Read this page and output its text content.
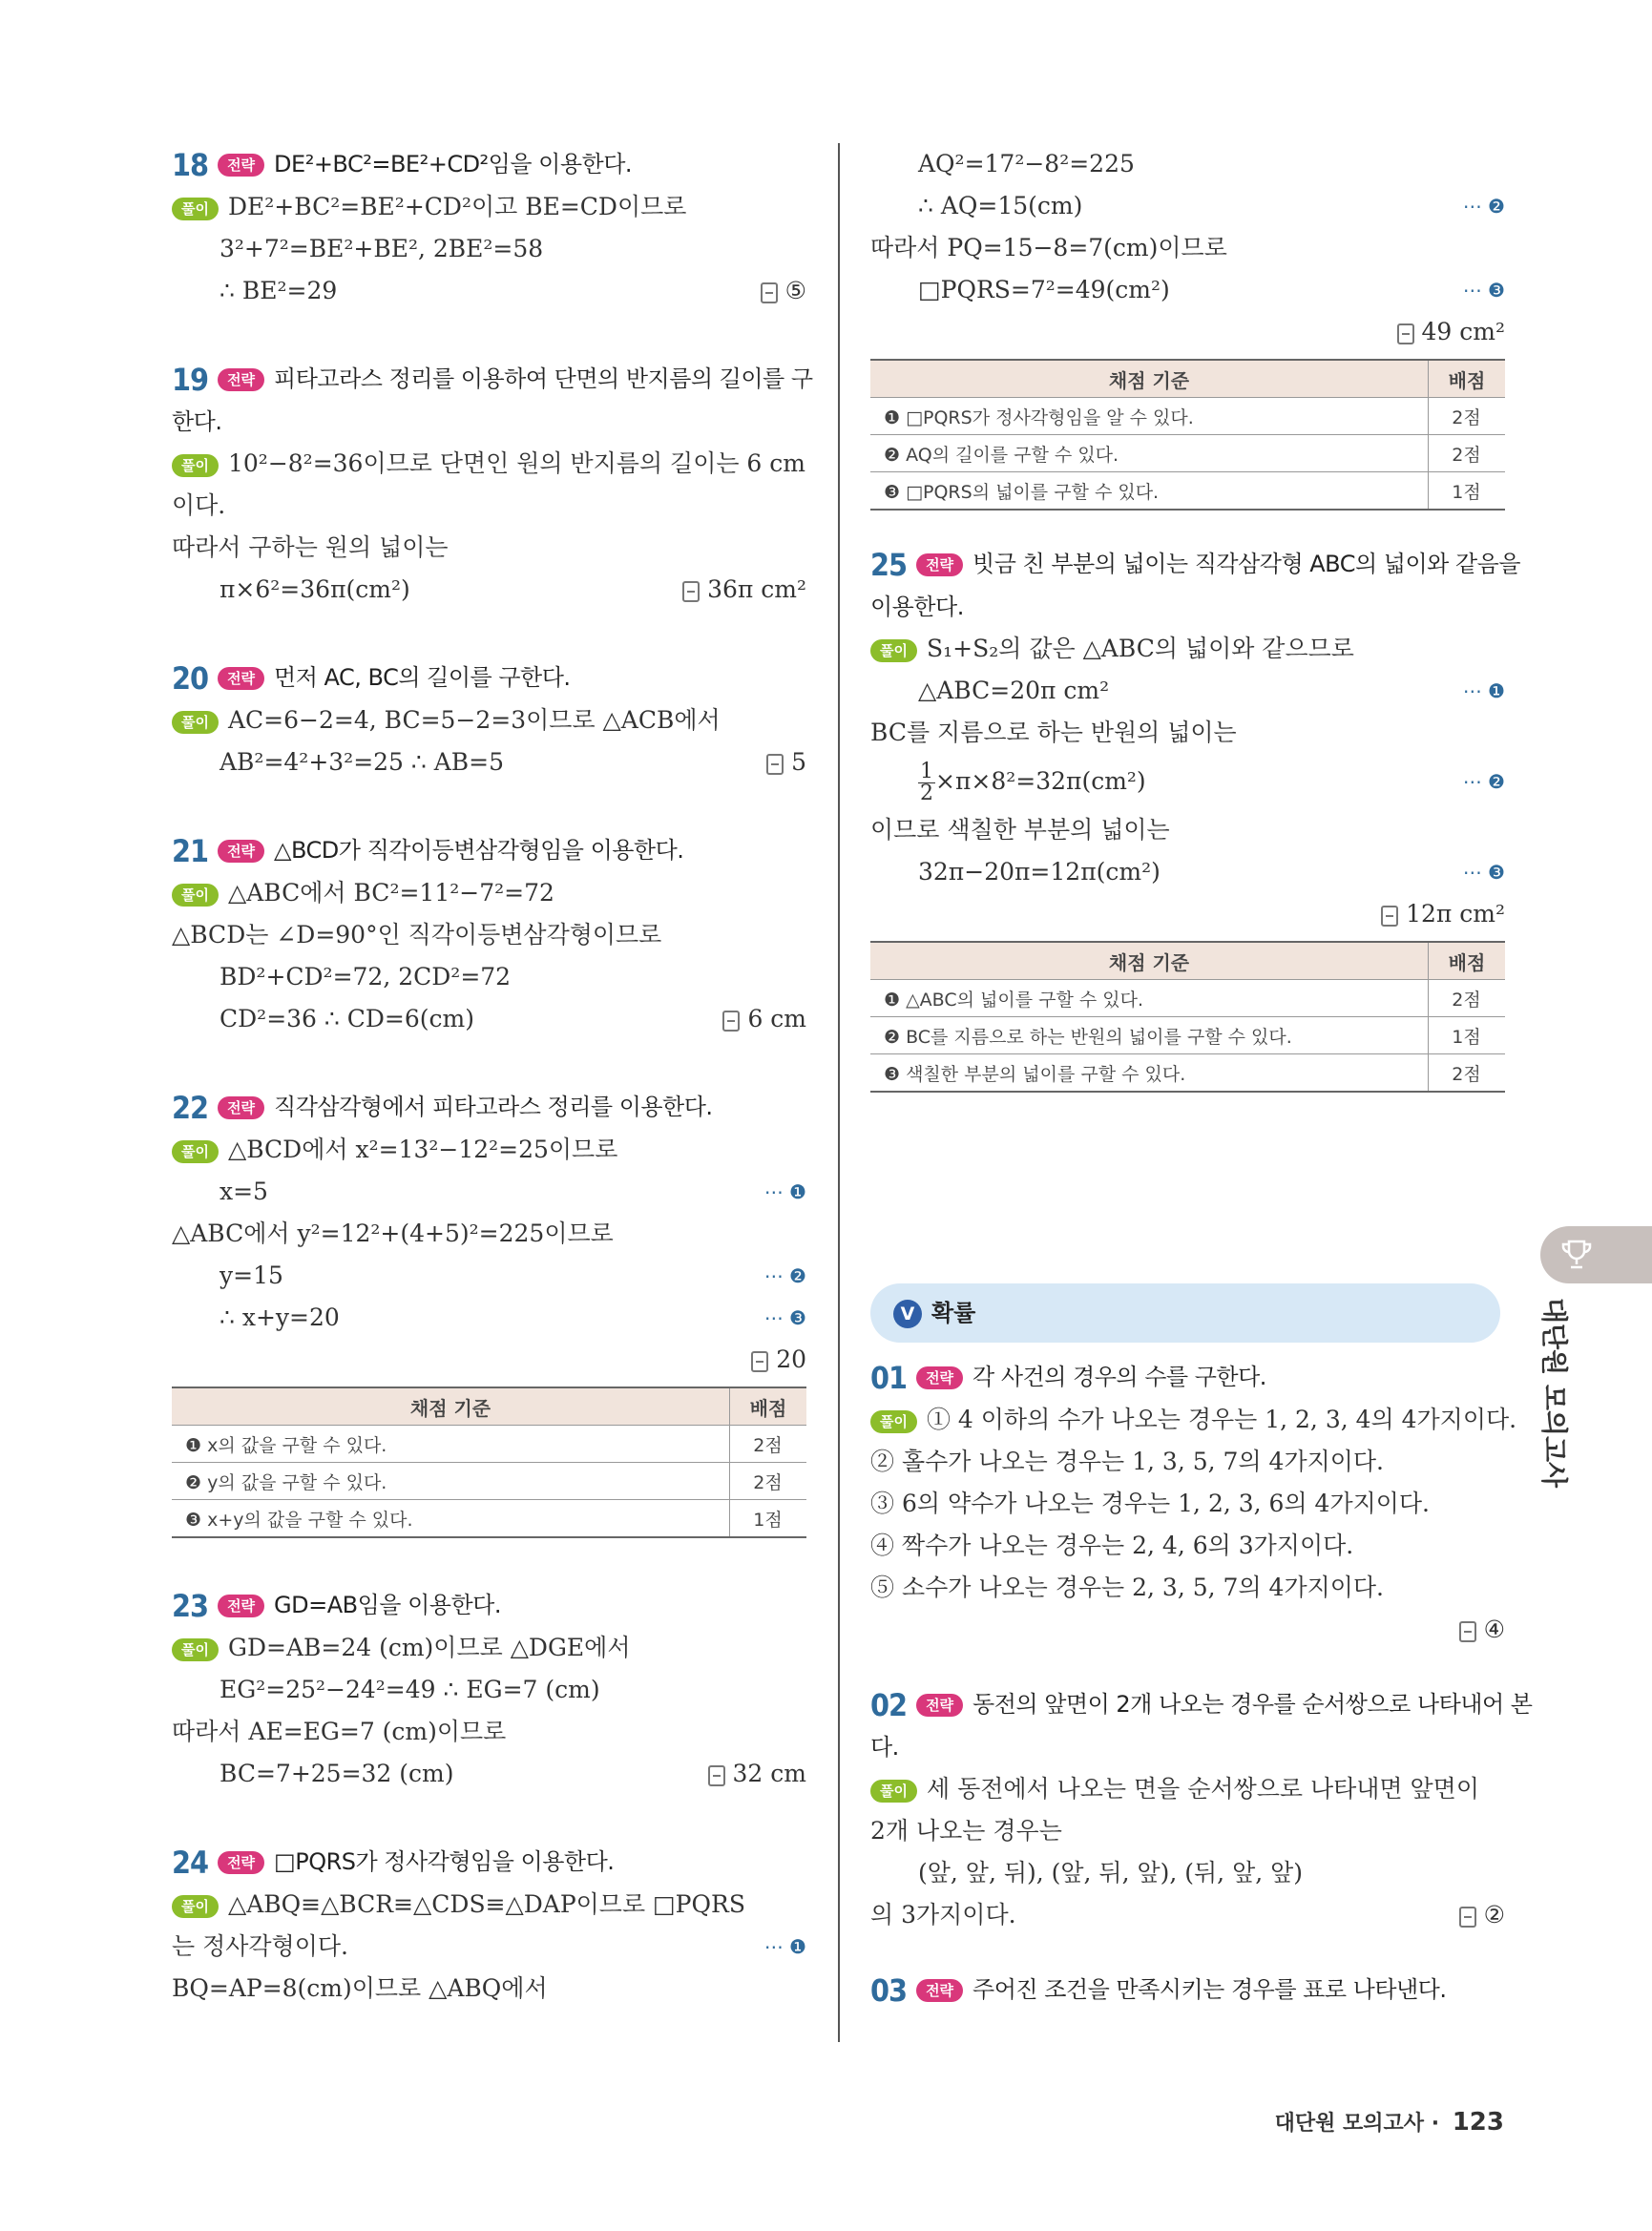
18 전략 DE²+BC²=BE²+CD²임을 이용한다.
풀이 DE²+BC²=BE²+CD²이고 BE=CD이므로
3²+7²=BE²+BE², 2BE²=58
∴ BE²=29	⑤
19 전략 피타고라스 정리를 이용하여 단면의 반지름의 길이를 구
한다.
풀이 10²−8²=36이므로 단면인 원의 반지름의 길이는 6 cm
이다.
따라서 구하는 원의 넓이는
π×6²=36π(cm²)	36π cm²
20 전략 먼저 AC, BC의 길이를 구한다.
풀이 AC=6−2=4, BC=5−2=3이므로 △ACB에서
AB²=4²+3²=25 ∴ AB=5	5
21 전략 △BCD가 직각이등변삼각형임을 이용한다.
풀이 △ABC에서 BC²=11²−7²=72
△BCD는 ∠D=90°인 직각이등변삼각형이므로
BD²+CD²=72, 2CD²=72
CD²=36 ∴ CD=6(cm)	6 cm
22 전략 직각삼각형에서 피타고라스 정리를 이용한다.
풀이 △BCD에서 x²=13²−12²=25이므로
x=5	⋯ ❶
△ABC에서 y²=12²+(4+5)²=225이므로
y=15	⋯ ❷
∴ x+y=20	⋯ ❸
20
채점 기준	배점
❶ x의 값을 구할 수 있다.	2점
❷ y의 값을 구할 수 있다.	2점
❸ x+y의 값을 구할 수 있다.	1점
23 전략 GD=AB임을 이용한다.
풀이 GD=AB=24 (cm)이므로 △DGE에서
EG²=25²−24²=49 ∴ EG=7 (cm)
따라서 AE=EG=7 (cm)이므로
BC=7+25=32 (cm)	32 cm
24 전략 □PQRS가 정사각형임을 이용한다.
풀이 △ABQ≡△BCR≡△CDS≡△DAP이므로 □PQRS
는 정사각형이다.	⋯ ❶
BQ=AP=8(cm)이므로 △ABQ에서
AQ²=17²−8²=225
∴ AQ=15(cm)	⋯ ❷
따라서 PQ=15−8=7(cm)이므로
□PQRS=7²=49(cm²)	⋯ ❸
49 cm²
채점 기준	배점
❶ □PQRS가 정사각형임을 알 수 있다.	2점
❷ AQ의 길이를 구할 수 있다.	2점
❸ □PQRS의 넓이를 구할 수 있다.	1점
25 전략 빗금 친 부분의 넓이는 직각삼각형 ABC의 넓이와 같음을
이용한다.
풀이 S₁+S₂의 값은 △ABC의 넓이와 같으므로
△ABC=20π cm²	⋯ ❶
BC를 지름으로 하는 반원의 넓이는
$\frac{1}{2} \times\pi\times 8^2=32\pi(cm^2)$	⋯ ❷
이므로 색칠한 부분의 넓이는
32π−20π=12π(cm²)	⋯ ❸
12π cm²
채점 기준	배점
❶ △ABC의 넓이를 구할 수 있다.	2점
❷ BC를 지름으로 하는 반원의 넓이를 구할 수 있다.	1점
❸ 색칠한 부분의 넓이를 구할 수 있다.	2점
V 확률
01 전략 각 사건의 경우의 수를 구한다.
풀이 ① 4 이하의 수가 나오는 경우는 1, 2, 3, 4의 4가지이다.
② 홀수가 나오는 경우는 1, 3, 5, 7의 4가지이다.
③ 6의 약수가 나오는 경우는 1, 2, 3, 6의 4가지이다.
④ 짝수가 나오는 경우는 2, 4, 6의 3가지이다.
⑤ 소수가 나오는 경우는 2, 3, 5, 7의 4가지이다.
④
02 전략 동전의 앞면이 2개 나오는 경우를 순서쌍으로 나타내어 본
다.
풀이 세 동전에서 나오는 면을 순서쌍으로 나타내면 앞면이
2개 나오는 경우는
(앞, 앞, 뒤), (앞, 뒤, 앞), (뒤, 앞, 앞)
의 3가지이다.	②
03 전략 주어진 조건을 만족시키는 경우를 표로 나타낸다.
대단원 모의고사
대단원 모의고사 · 123
